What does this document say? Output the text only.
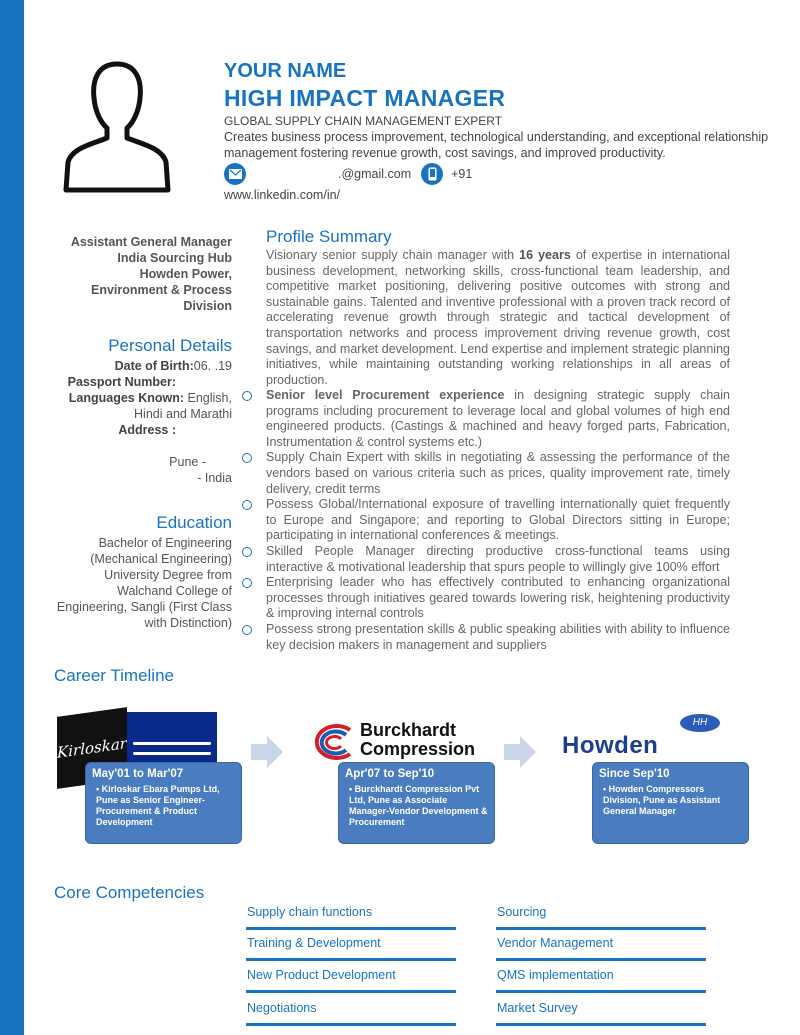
YOUR NAME
HIGH IMPACT MANAGER
GLOBAL SUPPLY CHAIN MANAGEMENT EXPERT
Creates business process improvement, technological understanding, and exceptional relationship management fostering revenue growth, cost savings, and improved productivity.
.@gmail.com	+91
www.linkedin.com/in/
Assistant General Manager
India Sourcing Hub
Howden Power,
Environment & Process
Division
Personal Details
Date of Birth:06. .19
Passport Number:
Languages Known: English,
Hindi and Marathi
Address :
Pune -
- India
Education
Bachelor of Engineering
(Mechanical Engineering)
University Degree from
Walchand College of
Engineering, Sangli (First Class
with Distinction)
Profile Summary
Visionary senior supply chain manager with 16 years of expertise in international business development, networking skills, cross-functional team leadership, and competitive market positioning, delivering positive outcomes with strong and sustainable gains. Talented and inventive professional with a proven track record of accelerating revenue growth through strategic and tactical development of transportation networks and process improvement driving revenue growth, cost savings, and market development. Lend expertise and implement strategic planning initiatives, while maintaining outstanding working relationships in all areas of production.
Senior level Procurement experience in designing strategic supply chain programs including procurement to leverage local and global volumes of high end engineered products. (Castings & machined and heavy forged parts, Fabrication, Instrumentation & control systems etc.)
Supply Chain Expert with skills in negotiating & assessing the performance of the vendors based on various criteria such as prices, quality improvement rate, timely delivery, credit terms
Possess Global/International exposure of travelling internationally quiet frequently to Europe and Singapore; and reporting to Global Directors sitting in Europe; participating in international conferences & meetings.
Skilled People Manager directing productive cross-functional teams using interactive & motivational leadership that spurs people to willingly give 100% effort
Enterprising leader who has effectively contributed to enhancing organizational processes through initiatives geared towards lowering risk, heightening productivity & improving internal controls
Possess strong presentation skills & public speaking abilities with ability to influence key decision makers in management and suppliers
Career Timeline
Kirloskar
Burckhardt
Compression
HH
Howden
May'01 to Mar'07
• Kirloskar Ebara Pumps Ltd, Pune as Senior Engineer-Procurement & Product Development
Apr'07 to Sep'10
• Burckhardt Compression Pvt Ltd, Pune as Associate Manager-Vendor Development & Procurement
Since Sep'10
• Howden Compressors Division, Pune as Assistant General Manager
Core Competencies
Supply chain functions	Sourcing
Training & Development	Vendor Management
New Product Development	QMS implementation
Negotiations	Market Survey
